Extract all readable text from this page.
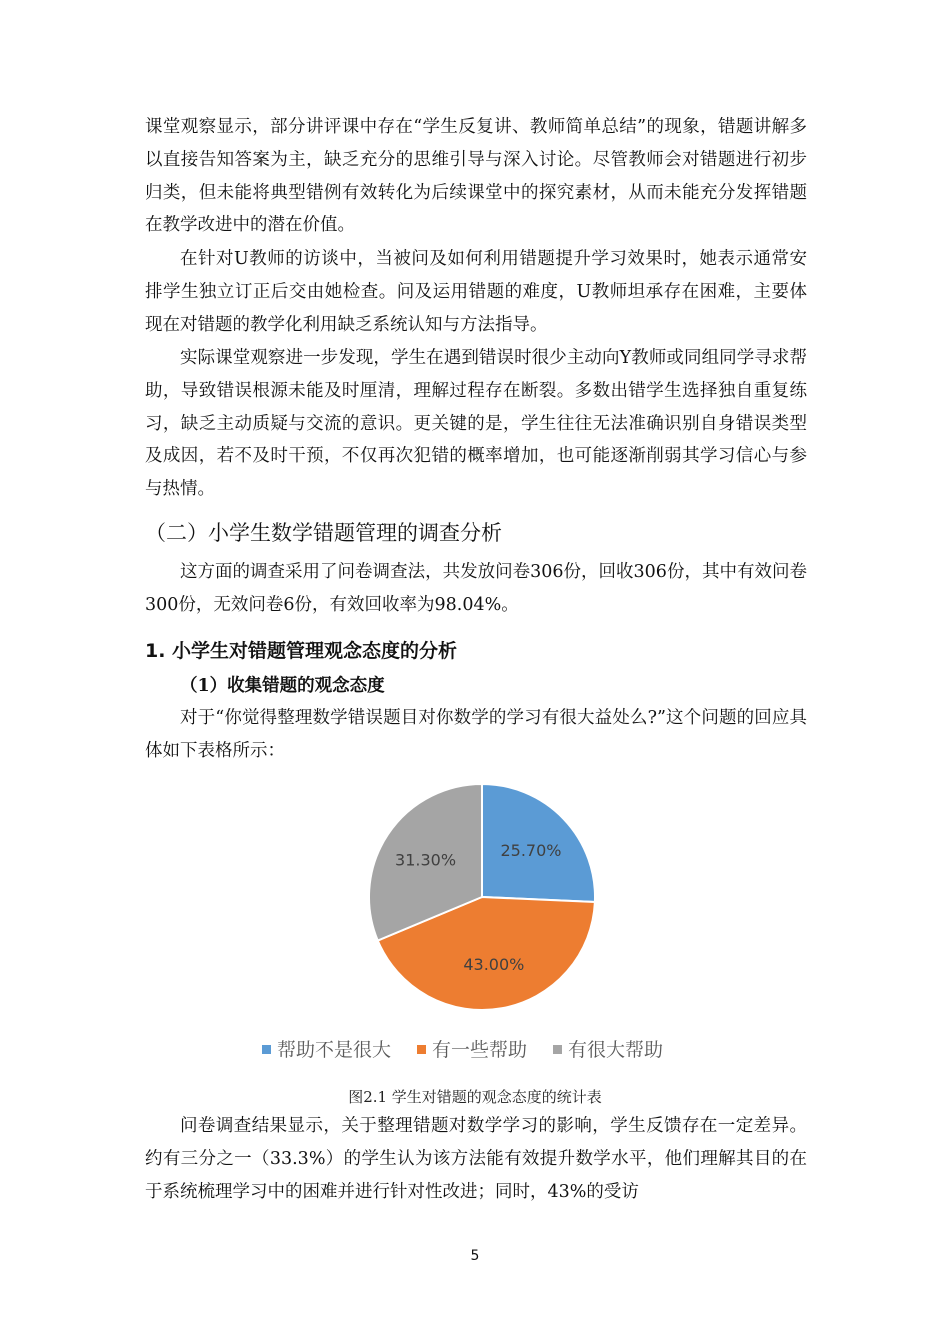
课堂观察显示，部分讲评课中存在“学生反复讲、教师简单总结”的现象，错题讲解多以直接告知答案为主，缺乏充分的思维引导与深入讨论。尽管教师会对错题进行初步归类，但未能将典型错例有效转化为后续课堂中的探究素材，从而未能充分发挥错题在教学改进中的潜在价值。

在针对U教师的访谈中，当被问及如何利用错题提升学习效果时，她表示通常安排学生独立订正后交由她检查。问及运用错题的难度，U教师坦承存在困难，主要体现在对错题的教学化利用缺乏系统认知与方法指导。

实际课堂观察进一步发现，学生在遇到错误时很少主动向Y教师或同组同学寻求帮助，导致错误根源未能及时厘清，理解过程存在断裂。多数出错学生选择独自重复练习，缺乏主动质疑与交流的意识。更关键的是，学生往往无法准确识别自身错误类型及成因，若不及时干预，不仅再次犯错的概率增加，也可能逐渐削弱其学习信心与参与热情。

（二）小学生数学错题管理的调查分析

这方面的调查采用了问卷调查法，共发放问卷306份，回收306份，其中有效问卷300份，无效问卷6份，有效回收率为98.04%。

1. 小学生对错题管理观念态度的分析
（1）收集错题的观念态度

对于“你觉得整理数学错误题目对你数学的学习有很大益处么?”这个问题的回应具体如下表格所示：

25.70%
43.00%
31.30%
帮助不是很大 有一些帮助 有很大帮助
图2.1 学生对错题的观念态度的统计表

问卷调查结果显示，关于整理错题对数学学习的影响，学生反馈存在一定差异。约有三分之一（33.3%）的学生认为该方法能有效提升数学水平，他们理解其目的在于系统梳理学习中的困难并进行针对性改进；同时，43%的受访

5
